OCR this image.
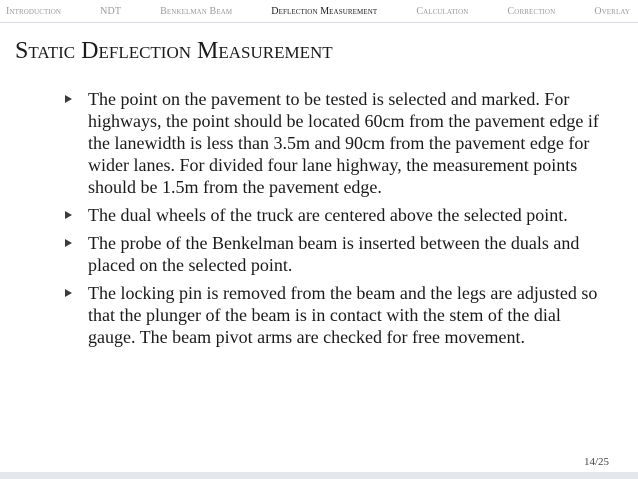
Introduction	NDT	Benkelman Beam	Deflection Measurement	Calculation	Correction	Overlay
Static Deflection Measurement
The point on the pavement to be tested is selected and marked. For highways, the point should be located 60cm from the pavement edge if the lanewidth is less than 3.5m and 90cm from the pavement edge for wider lanes. For divided four lane highway, the measurement points should be 1.5m from the pavement edge.
The dual wheels of the truck are centered above the selected point.
The probe of the Benkelman beam is inserted between the duals and placed on the selected point.
The locking pin is removed from the beam and the legs are adjusted so that the plunger of the beam is in contact with the stem of the dial gauge. The beam pivot arms are checked for free movement.
14/25
